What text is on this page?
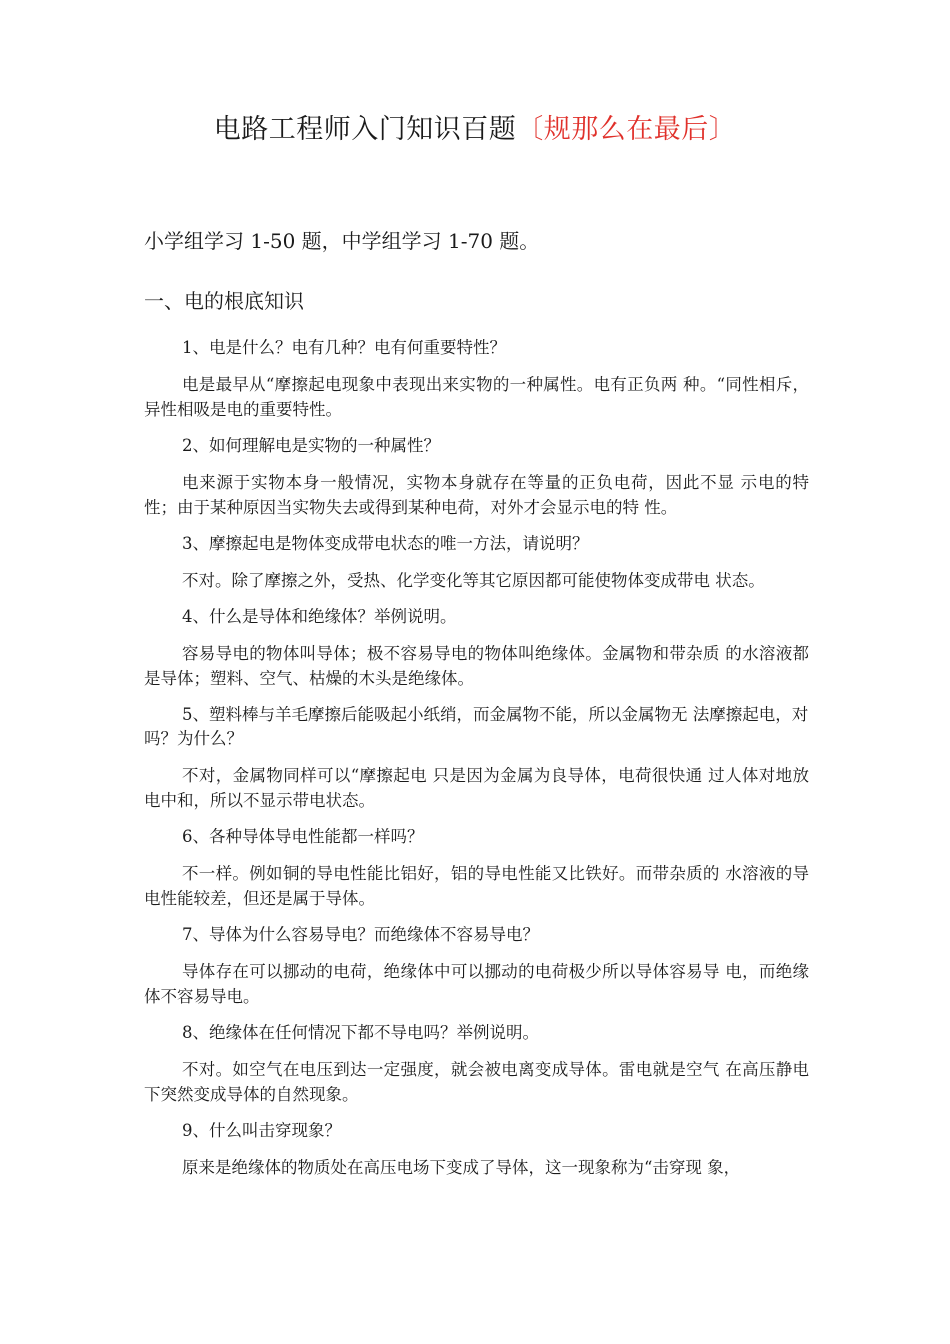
电路工程师入门知识百题〔规那么在最后〕
小学组学习 1-50 题，中学组学习 1-70 题。
一、电的根底知识

1、电是什么？电有几种？电有何重要特性？

电是最早从“摩擦起电现象中表现出来实物的一种属性。电有正负两 种。“同性相斥，异性相吸是电的重要特性。

2、如何理解电是实物的一种属性？

电来源于实物本身一般情况，实物本身就存在等量的正负电荷，因此不显 示电的特性；由于某种原因当实物失去或得到某种电荷，对外才会显示电的特 性。

3、摩擦起电是物体变成带电状态的唯一方法，请说明？

不对。除了摩擦之外，受热、化学变化等其它原因都可能使物体变成带电 状态。

4、什么是导体和绝缘体？举例说明。

容易导电的物体叫导体；极不容易导电的物体叫绝缘体。金属物和带杂质 的水溶液都是导体；塑料、空气、枯燥的木头是绝缘体。

5、塑料棒与羊毛摩擦后能吸起小纸绡，而金属物不能，所以金属物无 法摩擦起电，对吗？为什么？

不对，金属物同样可以“摩擦起电 只是因为金属为良导体，电荷很快通 过人体对地放电中和，所以不显示带电状态。

6、各种导体导电性能都一样吗？

不一样。例如铜的导电性能比铝好，铝的导电性能又比铁好。而带杂质的 水溶液的导电性能较差，但还是属于导体。

7、导体为什么容易导电？而绝缘体不容易导电？

导体存在可以挪动的电荷，绝缘体中可以挪动的电荷极少所以导体容易导 电，而绝缘体不容易导电。

8、绝缘体在任何情况下都不导电吗？举例说明。

不对。如空气在电压到达一定强度，就会被电离变成导体。雷电就是空气 在高压静电下突然变成导体的自然现象。

9、什么叫击穿现象？

原来是绝缘体的物质处在高压电场下变成了导体，这一现象称为“击穿现 象，
